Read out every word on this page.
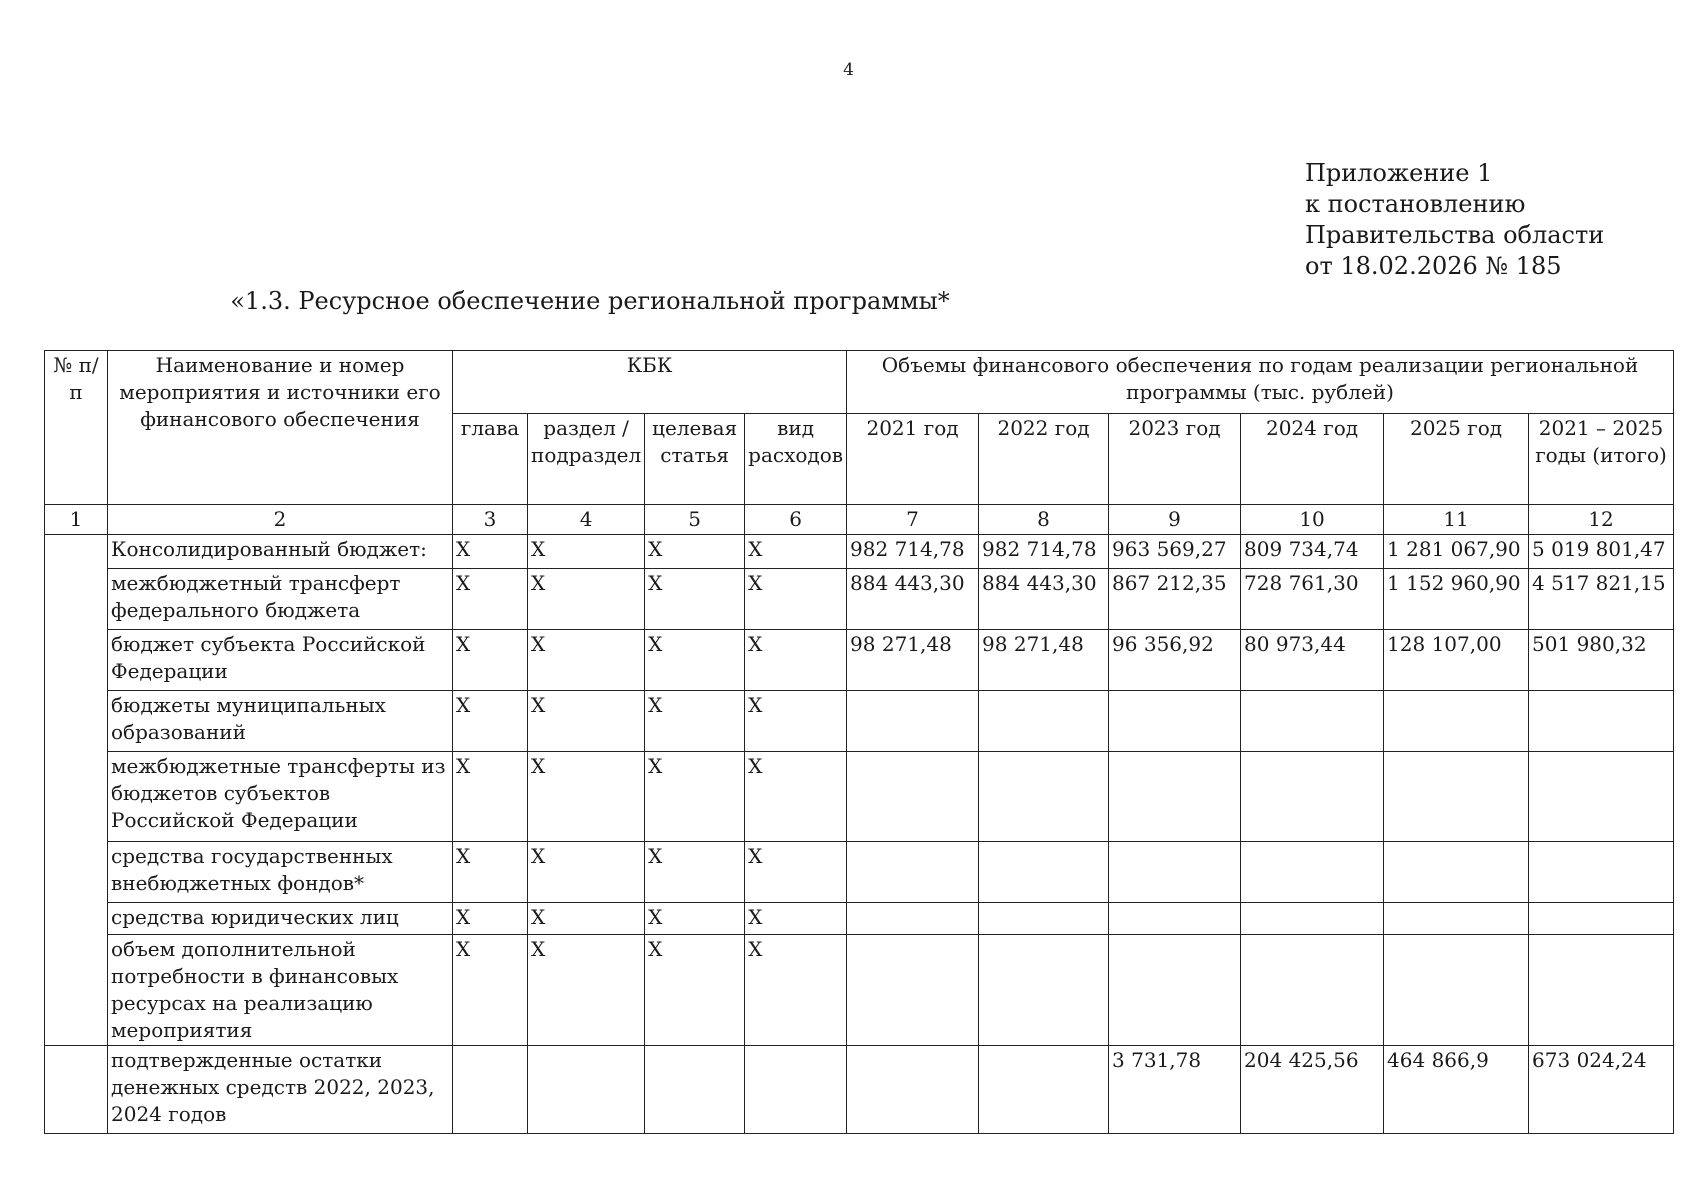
4
Приложение 1
к постановлению
Правительства области
от 18.02.2026 № 185
«1.3. Ресурсное обеспечение региональной программы*
№ п/п	Наименование и номер мероприятия и источники его финансового обеспечения	КБК				Объемы финансового обеспечения по годам реализации региональной программы (тыс. рублей)					
		глава	раздел / подраздел	целевая статья	вид расходов	2021 год	2022 год	2023 год	2024 год	2025 год	2021 – 2025 годы (итого)
1	2	3	4	5	6	7	8	9	10	11	12
	Консолидированный бюджет:	X	X	X	X	982 714,78	982 714,78	963 569,27	809 734,74	1 281 067,90	5 019 801,47
	межбюджетный трансферт федерального бюджета	X	X	X	X	884 443,30	884 443,30	867 212,35	728 761,30	1 152 960,90	4 517 821,15
	бюджет субъекта Российской Федерации	X	X	X	X	98 271,48	98 271,48	96 356,92	80 973,44	128 107,00	501 980,32
	бюджеты муниципальных образований	X	X	X	X						
	межбюджетные трансферты из бюджетов субъектов Российской Федерации	X	X	X	X						
	средства государственных внебюджетных фондов*	X	X	X	X						
	средства юридических лиц	X	X	X	X						
	объем дополнительной потребности в финансовых ресурсах на реализацию мероприятия	X	X	X	X						
	подтвержденные остатки денежных средств 2022, 2023, 2024 годов							3 731,78	204 425,56	464 866,9	673 024,24
